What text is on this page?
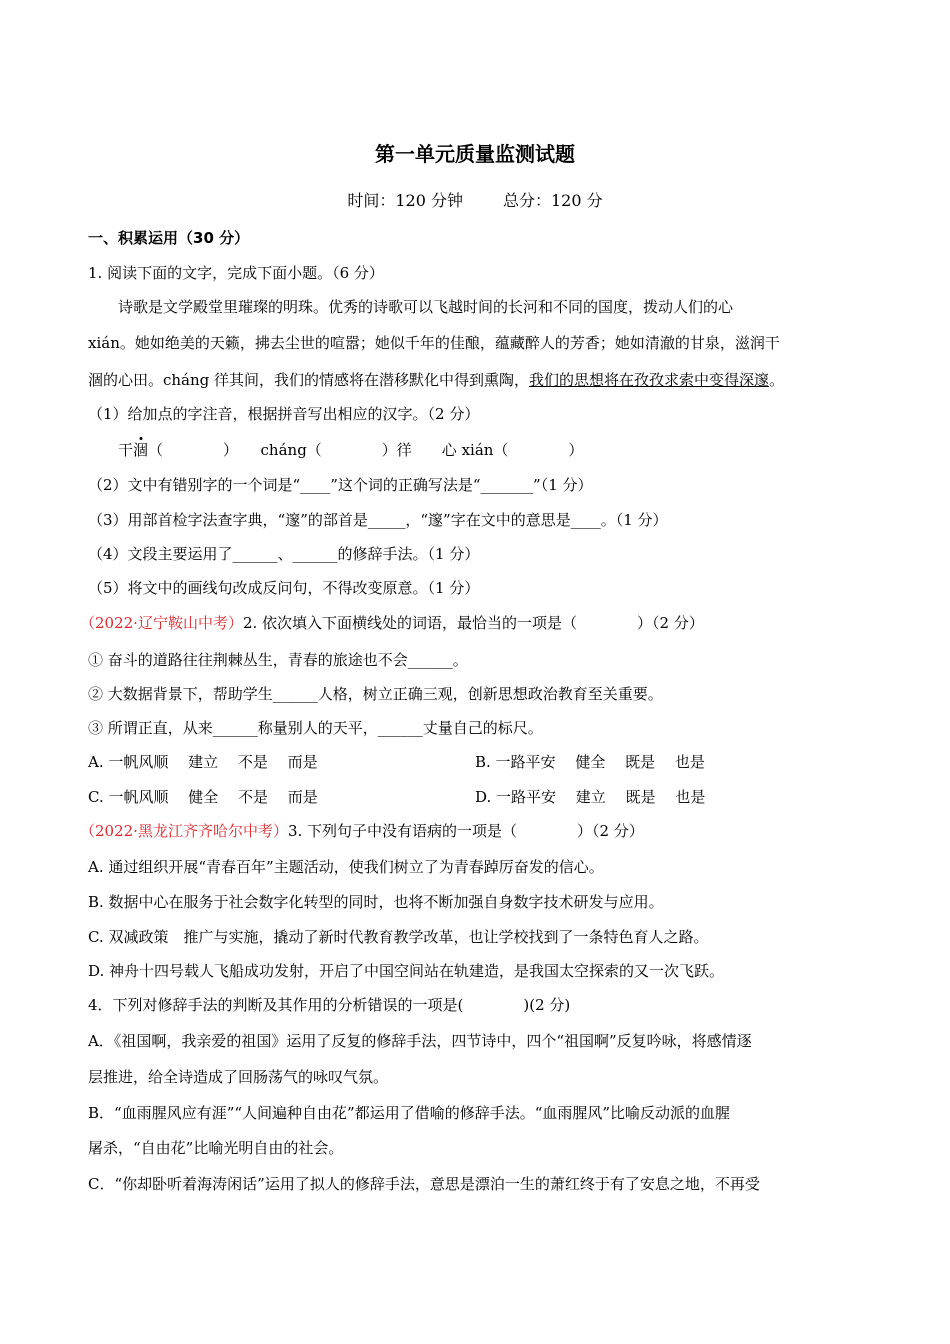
第一单元质量监测试题
时间：120 分钟	总分：120 分
一、积累运用（30 分）
1. 阅读下面的文字，完成下面小题。（6 分）
诗歌是文学殿堂里璀璨的明珠。优秀的诗歌可以飞越时间的长河和不同的国度，拨动人们的心
xián。她如绝美的天籁，拂去尘世的喧嚣；她似千年的佳酿，蕴藏醉人的芳香；她如清澈的甘泉，滋润干
涸的心田。cháng 徉其间，我们的情感将在潜移默化中得到熏陶，我们的思想将在孜孜求索中变得深邃。
（1）给加点的字注音，根据拼音写出相应的汉字。（2 分）
干涸（　　　　）　　cháng（　　　　）徉　　心 xián（　　　　）
（2）文中有错别字的一个词是“____”这个词的正确写法是“_______”（1 分）
（3）用部首检字法查字典，“邃”的部首是_____，“邃”字在文中的意思是____。（1 分）
（4）文段主要运用了______、______的修辞手法。（1 分）
（5）将文中的画线句改成反问句，不得改变原意。（1 分）
（2022·辽宁鞍山中考）2. 依次填入下面横线处的词语，最恰当的一项是（　　　　）（2 分）
① 奋斗的道路往往荆棘丛生，青春的旅途也不会______。
② 大数据背景下，帮助学生______人格，树立正确三观，创新思想政治教育至关重要。
③ 所谓正直，从来______称量别人的天平，______丈量自己的标尺。
A. 一帆风顺　 建立　 不是　 而是	B. 一路平安　 健全　 既是　 也是
C. 一帆风顺　 健全　 不是　 而是	D. 一路平安　 建立　 既是　 也是
（2022·黑龙江齐齐哈尔中考）3. 下列句子中没有语病的一项是（　　　　）（2 分）
A. 通过组织开展“青春百年”主题活动，使我们树立了为青春踔厉奋发的信心。
B. 数据中心在服务于社会数字化转型的同时，也将不断加强自身数字技术研发与应用。
C. 双减政策　推广与实施，撬动了新时代教育教学改革，也让学校找到了一条特色育人之路。
D. 神舟十四号载人飞船成功发射，开启了中国空间站在轨建造，是我国太空探索的又一次飞跃。
4．下列对修辞手法的判断及其作用的分析错误的一项是(　　　　)(2 分)
A．《祖国啊，我亲爱的祖国》运用了反复的修辞手法，四节诗中，四个“祖国啊”反复吟咏，将感情逐
层推进，给全诗造成了回肠荡气的咏叹气氛。
B．“血雨腥风应有涯”“人间遍种自由花”都运用了借喻的修辞手法。“血雨腥风”比喻反动派的血腥
屠杀，“自由花”比喻光明自由的社会。
C．“你却卧听着海涛闲话”运用了拟人的修辞手法，意思是漂泊一生的萧红终于有了安息之地，不再受
